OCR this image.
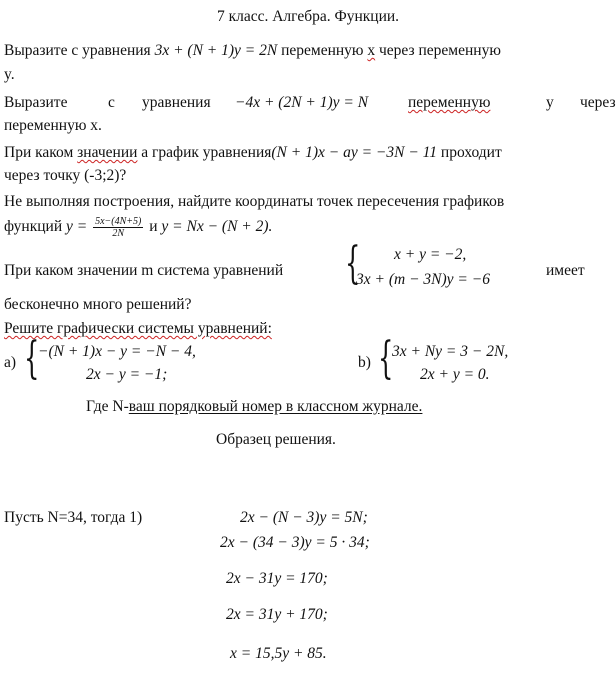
7 класс. Алгебра. Функции.
Выразите с уравнения 3x + (N + 1)y = 2N переменную x через переменную
y.
Выразите	с уравнения −4x + (2N + 1)y = N	переменную	y через
переменную x.
При каком значении a график уравнения(N + 1)x − ay = −3N − 11 проходит
через точку (-3;2)?
Не выполняя построения, найдите координаты точек пересечения графиков
функций $y = \frac{5x-(4N+5)}{2N}$ и y = Nx − (N + 2).
При каком значении m система уравнений { x + y = −2,
3x + (m − 3N)y = −6
имеет
бесконечно много решений?
Решите графически системы уравнений:
а) {
−(N + 1)x − y = −N − 4,
2x − y = −1;
b) {
3x + Ny = 3 − 2N,
2x + y = 0.
Где N-ваш порядковый номер в классном журнале.
Образец решения.
Пусть N=34, тогда 1)	2x − (N − 3)y = 5N;
2x − (34 − 3)y = 5 · 34;
2x − 31y = 170;
2x = 31y + 170;
x = 15,5y + 85.
